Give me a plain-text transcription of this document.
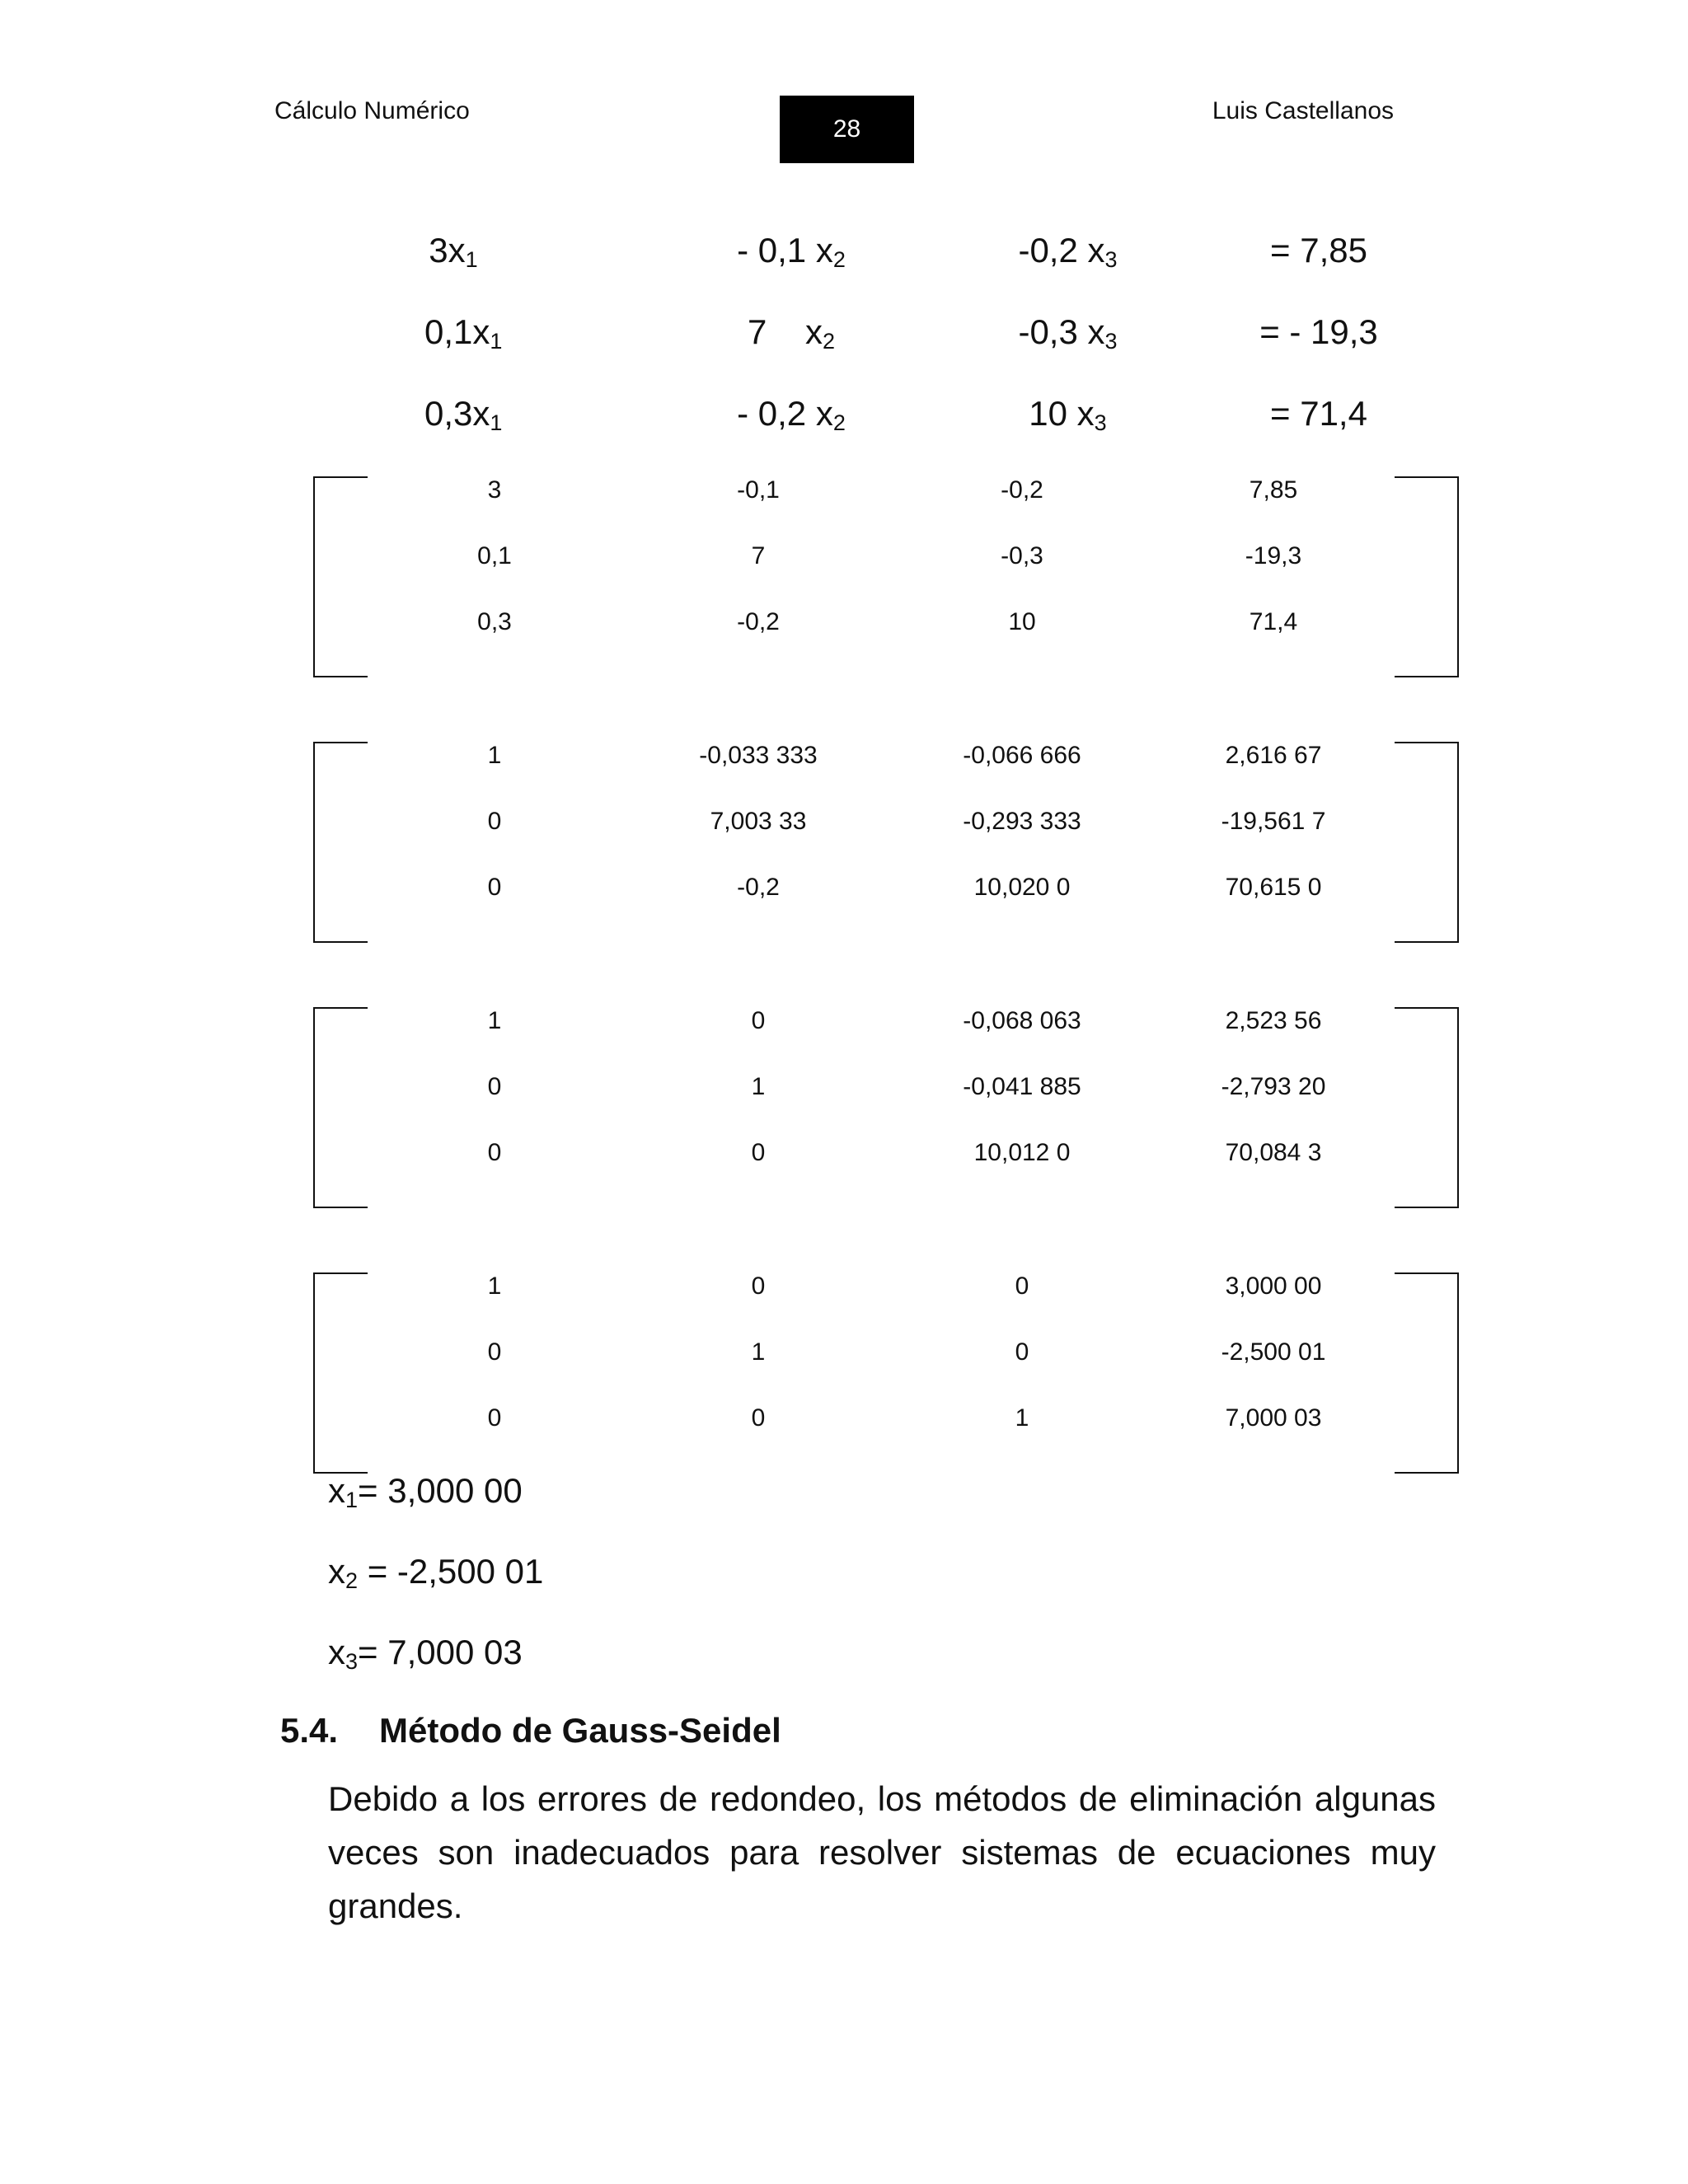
Cálculo Numérico
28
Luis Castellanos
$3x_1$	- 0,1 $x_2$	-0,2 $x_3$	= 7,85
$0,1x_1$	7    $x_2$	-0,3 $x_3$	= - 19,3
$0,3x_1$	- 0,2 $x_2$	10 $x_3$	= 71,4
3	-0,1	-0,2	7,85
0,1	7	-0,3	-19,3
0,3	-0,2	10	71,4
1	-0,033 333	-0,066 666	2,616 67
0	7,003 33	-0,293 333	-19,561 7
0	-0,2	10,020 0	70,615 0
1	0	-0,068 063	2,523 56
0	1	-0,041 885	-2,793 20
0	0	10,012 0	70,084 3
1	0	0	3,000 00
0	1	0	-2,500 01
0	0	1	7,000 03
$x_1= 3,000$ 00
$x_2 = -2,500$ 01
$x_3= 7,000$ 03
5.4. Método de Gauss-Seidel
Debido a los errores de redondeo, los métodos de eliminación algunas veces son inadecuados para resolver sistemas de ecuaciones muy grandes.
